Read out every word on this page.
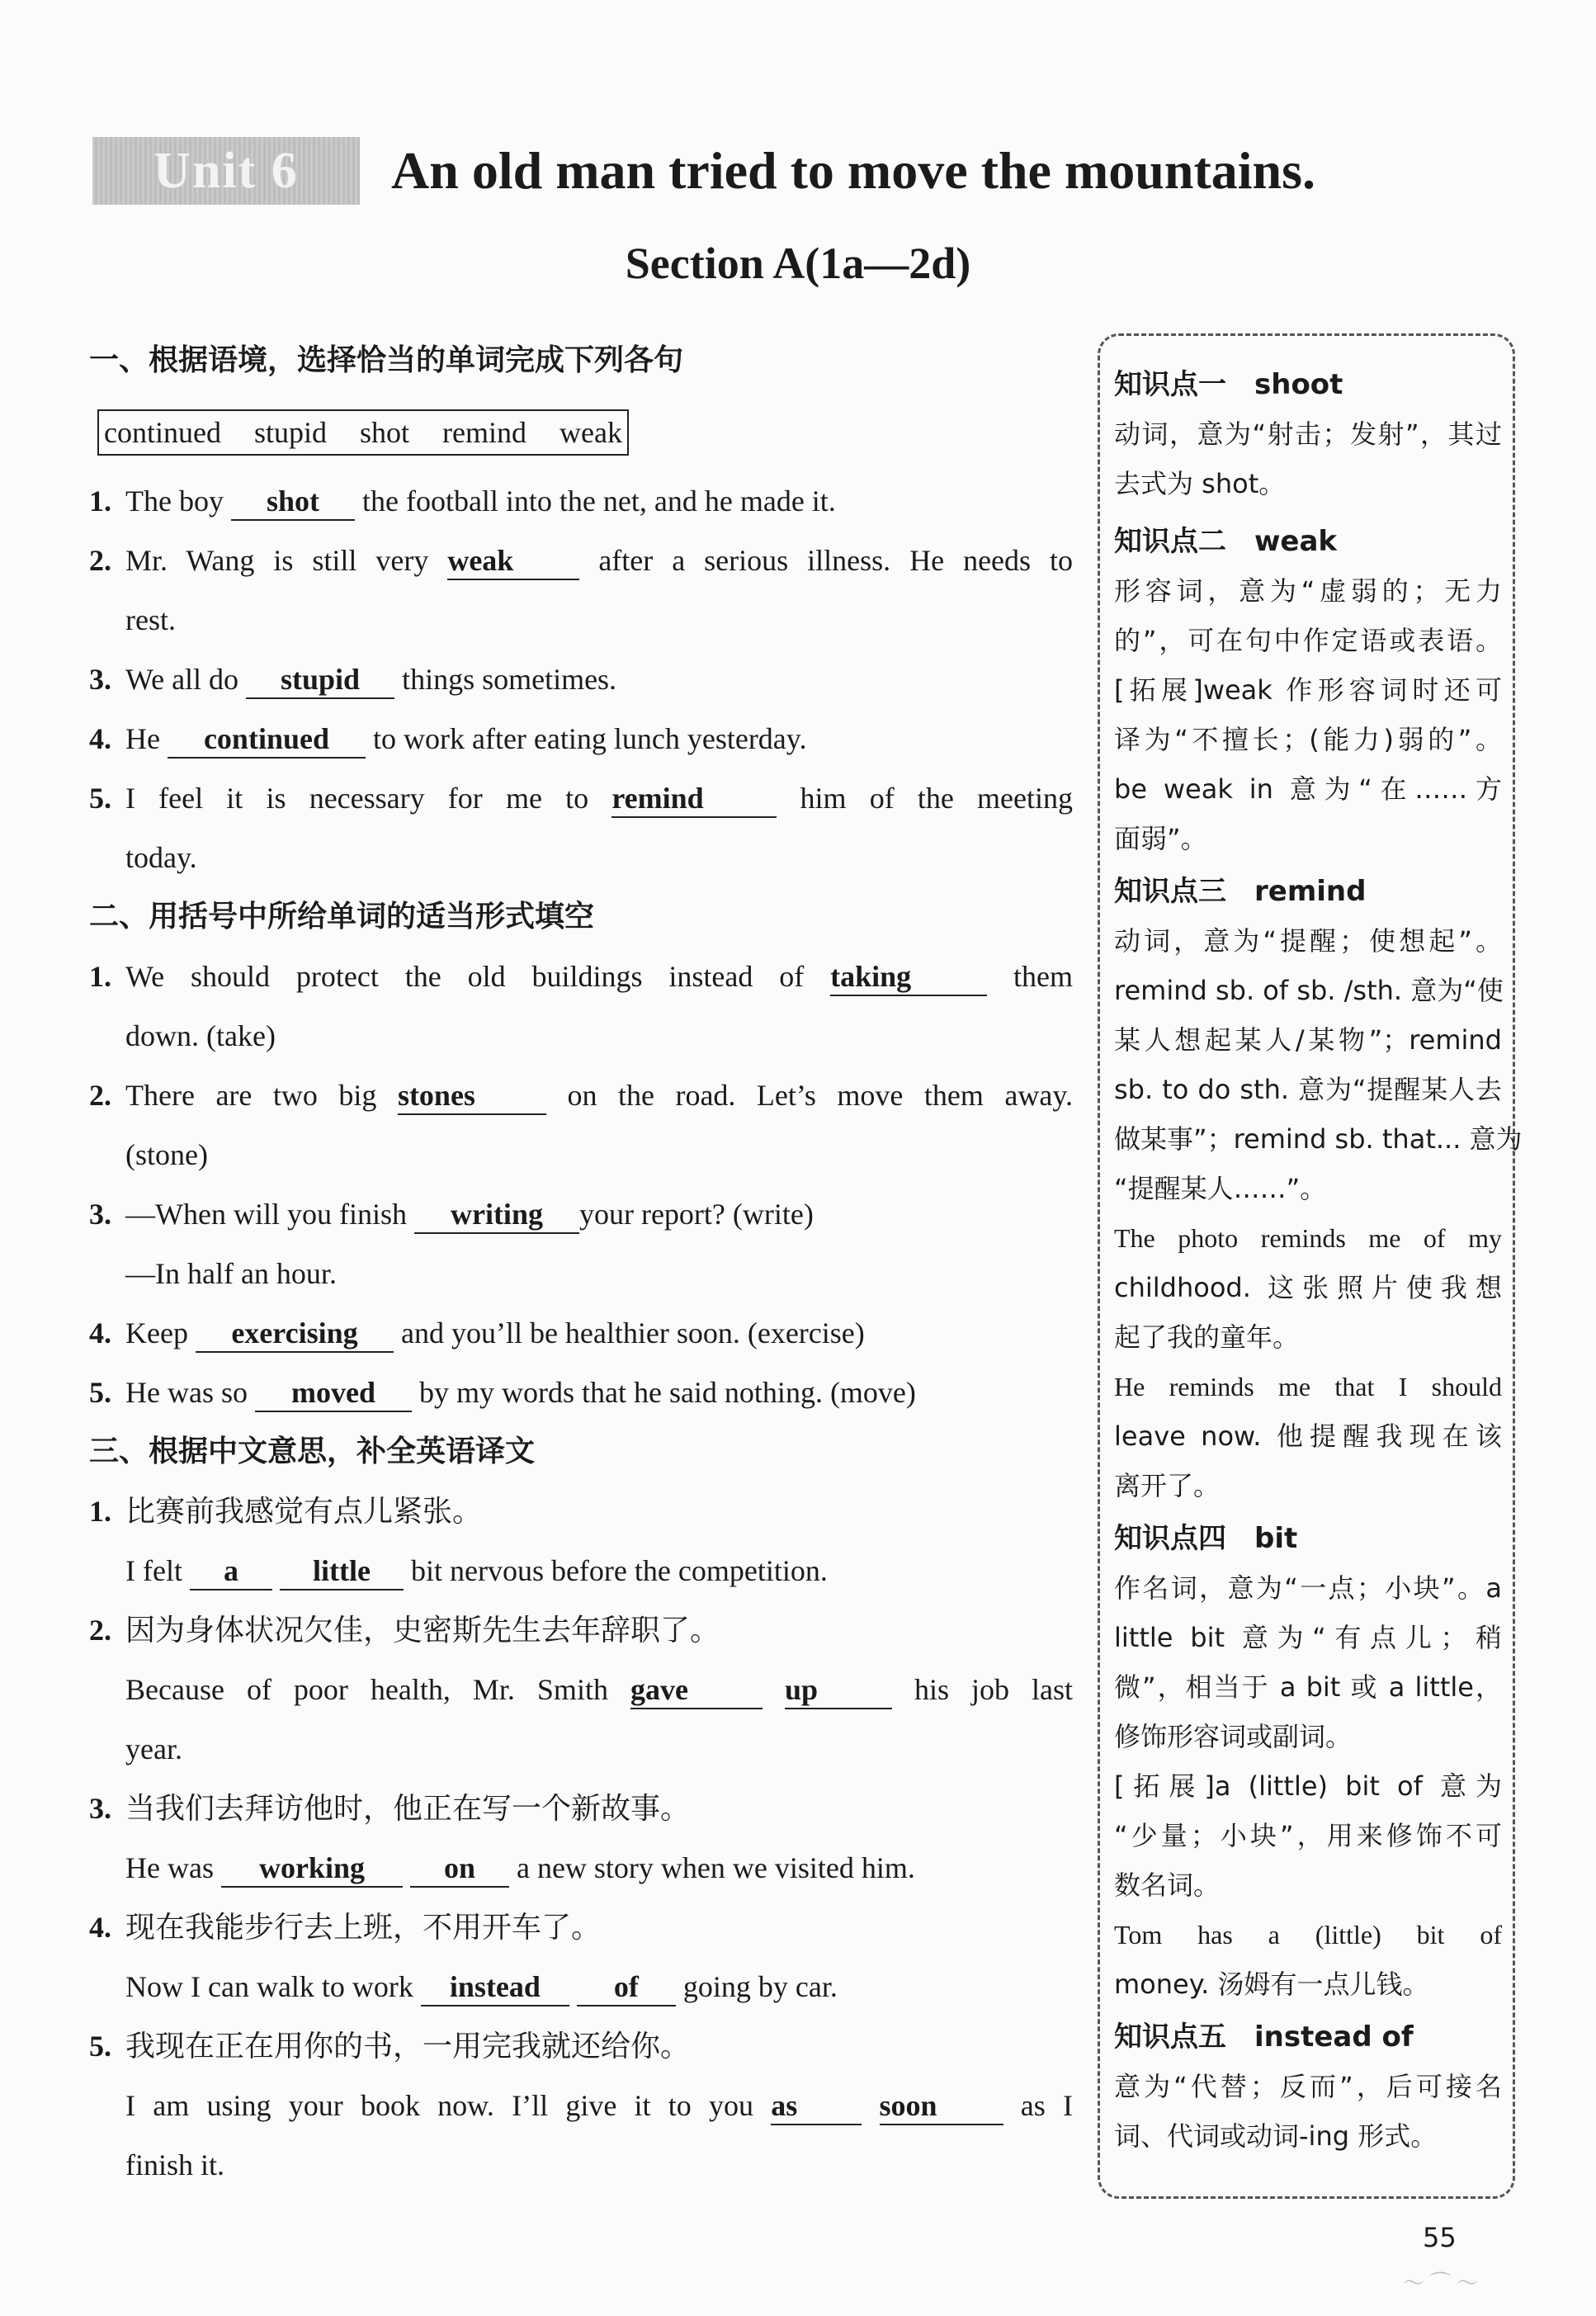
Unit 6	An old man tried to move the mountains.
Section A(1a—2d)
一、根据语境，选择恰当的单词完成下列各句
continued stupid shot remind weak
1. The boy shot the football into the net, and he made it.
2. Mr. Wang is still very weak	after a serious illness. He needs to
rest.
3. We all do stupid things sometimes.
4. He continued to work after eating lunch yesterday.
5. I feel it is necessary for me to remind	him of the meeting
today.
二、用括号中所给单词的适当形式填空
1. We should protect the old buildings instead of taking	them
down. (take)
2. There are two big stones	on the road. Let’s move them away.
(stone)
3. —When will you finish writing your report? (write)
—In half an hour.
4. Keep exercising and you’ll be healthier soon. (exercise)
5. He was so moved by my words that he said nothing. (move)
三、根据中文意思，补全英语译文
1. 比赛前我感觉有点儿紧张。
I felt a	little bit nervous before the competition.
2. 因为身体状况欠佳，史密斯先生去年辞职了。
Because of poor health, Mr. Smith gave	up	his job last
year.
3. 当我们去拜访他时，他正在写一个新故事。
He was working	on a new story when we visited him.
4. 现在我能步行去上班，不用开车了。
Now I can walk to work instead of going by car.
5. 我现在正在用你的书，一用完我就还给你。
I am using your book now. I’ll give it to you as	soon	as I
finish it.
知识点一　shoot
动词，意为“射击；发射”，其过
去式为 shot。
知识点二　weak
形容词，意为“虚弱的；无力
的”，可在句中作定语或表语。
[拓展]weak 作形容词时还可
译为“不擅长；(能力)弱的”。
be weak in 意为“在……方
面弱”。
知识点三　remind
动词，意为“提醒；使想起”。
remind sb. of sb. /sth. 意为“使
某人想起某人/某物”；remind
sb. to do sth. 意为“提醒某人去
做某事”；remind sb. that... 意为
“提醒某人……”。
The photo reminds me of my
childhood. 这张照片使我想
起了我的童年。
He reminds me that I should
leave now. 他提醒我现在该
离开了。
知识点四　bit
作名词，意为“一点；小块”。a
little bit 意为“有点儿；稍
微”，相当于 a bit 或 a little，
修饰形容词或副词。
[拓展]a (little) bit of 意为
“少量；小块”，用来修饰不可
数名词。
Tom has a (little) bit of
money. 汤姆有一点儿钱。
知识点五　instead of
意为“代替；反而”，后可接名
词、代词或动词-ing 形式。
55
～ ⌒ ～
